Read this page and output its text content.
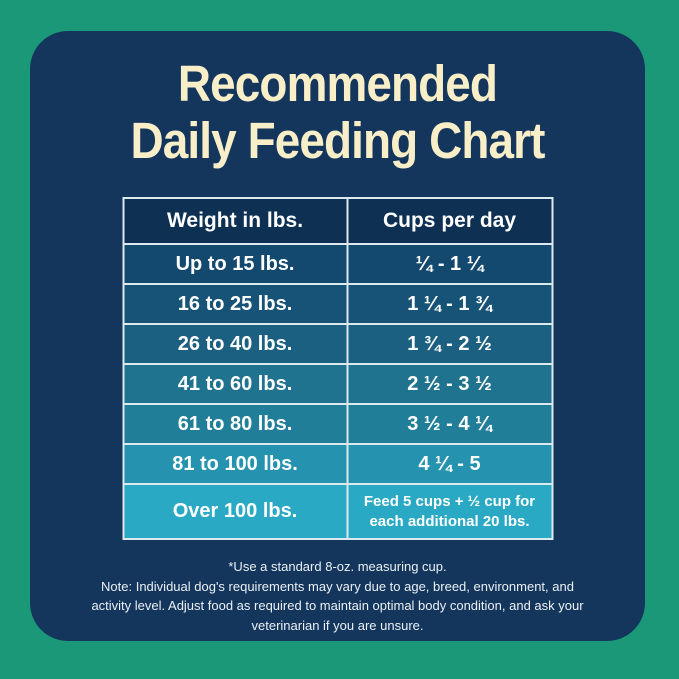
Recommended
Daily Feeding Chart
Weight in lbs.	Cups per day
Up to 15 lbs.	¼ - 1 ¼
16 to 25 lbs.	1 ¼ - 1 ¾
26 to 40 lbs.	1 ¾ - 2 ½
41 to 60 lbs.	2 ½ - 3 ½
61 to 80 lbs.	3 ½ - 4 ¼
81 to 100 lbs.	4 ¼ - 5
Over 100 lbs.	Feed 5 cups + ½ cup for each additional 20 lbs.
*Use a standard 8-oz. measuring cup.
Note: Individual dog's requirements may vary due to age, breed, environment, and activity level. Adjust food as required to maintain optimal body condition, and ask your veterinarian if you are unsure.
